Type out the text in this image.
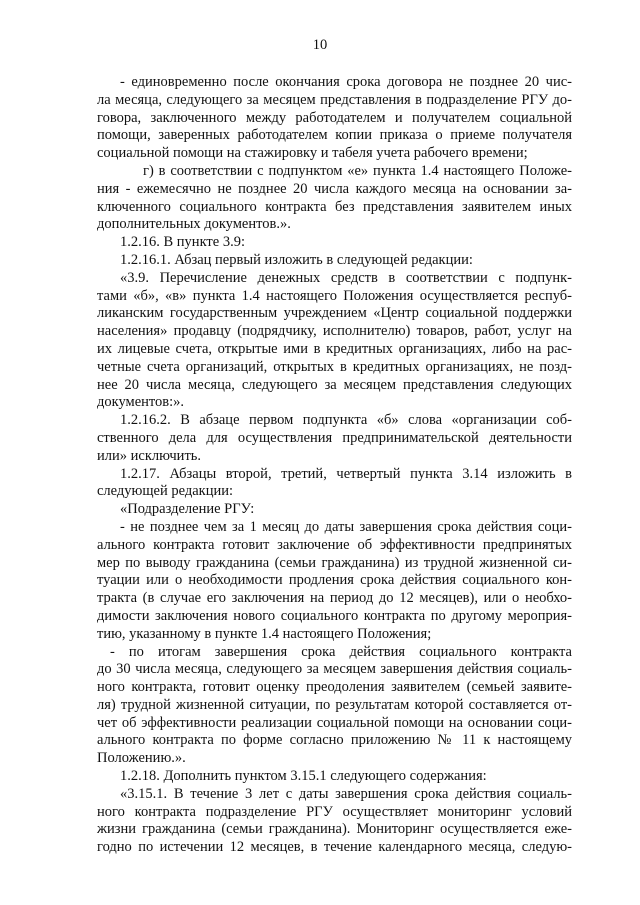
10
- единовременно после окончания срока договора не позднее 20 чис-
ла месяца, следующего за месяцем представления в подразделение РГУ до-
говора, заключенного между работодателем и получателем социальной
помощи, заверенных работодателем копии приказа о приеме получателя
социальной помощи на стажировку и табеля учета рабочего времени;
г) в соответствии с подпунктом «е» пункта 1.4 настоящего Положе-
ния - ежемесячно не позднее 20 числа каждого месяца на основании за-
ключенного социального контракта без представления заявителем иных
дополнительных документов.».
1.2.16. В пункте 3.9:
1.2.16.1. Абзац первый изложить в следующей редакции:
«3.9. Перечисление денежных средств в соответствии с подпунк-
тами «б», «в» пункта 1.4 настоящего Положения осуществляется респуб-
ликанским государственным учреждением «Центр социальной поддержки
населения» продавцу (подрядчику, исполнителю) товаров, работ, услуг на
их лицевые счета, открытые ими в кредитных организациях, либо на рас-
четные счета организаций, открытых в кредитных организациях, не позд-
нее 20 числа месяца, следующего за месяцем представления следующих
документов:».
1.2.16.2. В абзаце первом подпункта «б» слова «организации соб-
ственного дела для осуществления предпринимательской деятельности
или» исключить.
1.2.17. Абзацы второй, третий, четвертый пункта 3.14 изложить в
следующей редакции:
«Подразделение РГУ:
- не позднее чем за 1 месяц до даты завершения срока действия соци-
ального контракта готовит заключение об эффективности предпринятых
мер по выводу гражданина (семьи гражданина) из трудной жизненной си-
туации или о необходимости продления срока действия социального кон-
тракта (в случае его заключения на период до 12 месяцев), или о необхо-
димости заключения нового социального контракта по другому мероприя-
тию, указанному в пункте 1.4 настоящего Положения;
- по итогам завершения срока действия социального контракта
до 30 числа месяца, следующего за месяцем завершения действия социаль-
ного контракта, готовит оценку преодоления заявителем (семьей заявите-
ля) трудной жизненной ситуации, по результатам которой составляется от-
чет об эффективности реализации социальной помощи на основании соци-
ального контракта по форме согласно приложению № 11 к настоящему
Положению.».
1.2.18. Дополнить пунктом 3.15.1 следующего содержания:
«3.15.1. В течение 3 лет с даты завершения срока действия социаль-
ного контракта подразделение РГУ осуществляет мониторинг условий
жизни гражданина (семьи гражданина). Мониторинг осуществляется еже-
годно по истечении 12 месяцев, в течение календарного месяца, следую-
